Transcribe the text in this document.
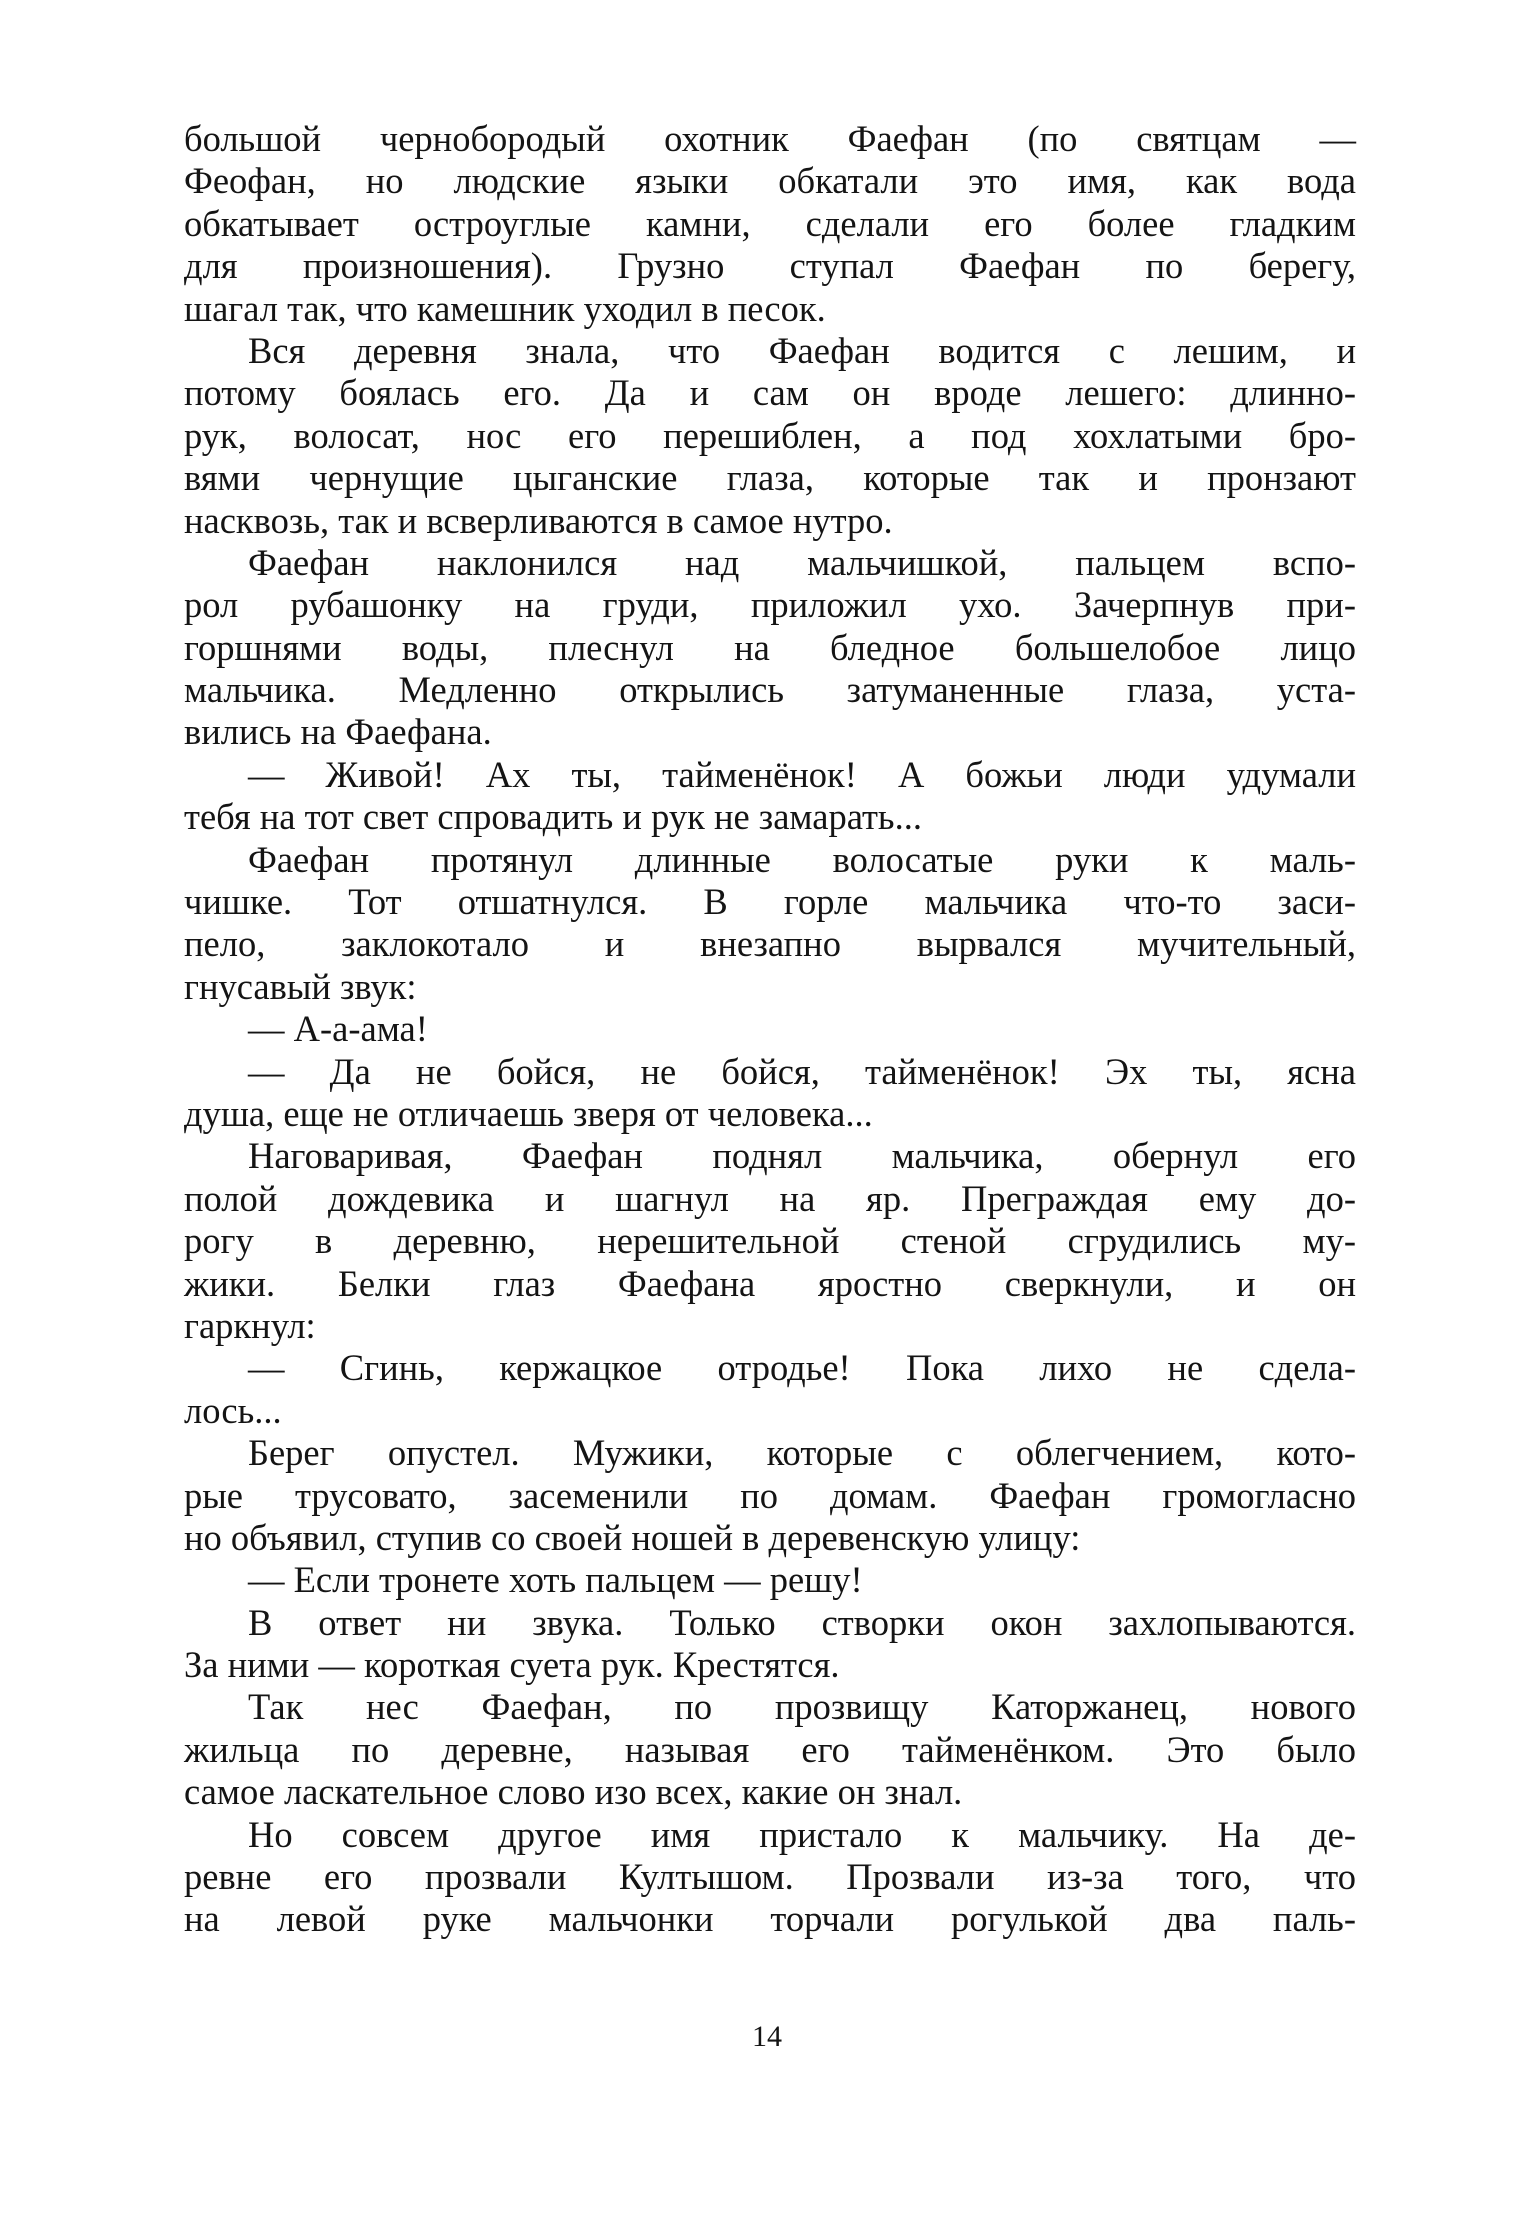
большой чернобородый охотник Фаефан (по святцам —
Феофан, но людские языки обкатали это имя, как вода
обкатывает остроуглые камни, сделали его более гладким
для произношения). Грузно ступал Фаефан по берегу,
шагал так, что камешник уходил в песок.
Вся деревня знала, что Фаефан водится с лешим, и
потому боялась его. Да и сам он вроде лешего: длинно-
рук, волосат, нос его перешиблен, а под хохлатыми бро-
вями чернущие цыганские глаза, которые так и пронзают
насквозь, так и всверливаются в самое нутро.
Фаефан наклонился над мальчишкой, пальцем вспо-
рол рубашонку на груди, приложил ухо. Зачерпнув при-
горшнями воды, плеснул на бледное большелобое лицо
мальчика. Медленно открылись затуманенные глаза, уста-
вились на Фаефана.
— Живой! Ах ты, тайменёнок! А божьи люди удумали
тебя на тот свет спровадить и рук не замарать...
Фаефан протянул длинные волосатые руки к маль-
чишке. Тот отшатнулся. В горле мальчика что-то заси-
пело, заклокотало и внезапно вырвался мучительный,
гнусавый звук:
— А-а-ама!
— Да не бойся, не бойся, тайменёнок! Эх ты, ясна
душа, еще не отличаешь зверя от человека...
Наговаривая, Фаефан поднял мальчика, обернул его
полой дождевика и шагнул на яр. Преграждая ему до-
рогу в деревню, нерешительной стеной сгрудились му-
жики. Белки глаз Фаефана яростно сверкнули, и он
гаркнул:
— Сгинь, кержацкое отродье! Пока лихо не сдела-
лось...
Берег опустел. Мужики, которые с облегчением, кото-
рые трусовато, засеменили по домам. Фаефан громогласно
но объявил, ступив со своей ношей в деревенскую улицу:
— Если тронете хоть пальцем — решу!
В ответ ни звука. Только створки окон захлопываются.
За ними — короткая суета рук. Крестятся.
Так нес Фаефан, по прозвищу Каторжанец, нового
жильца по деревне, называя его тайменёнком. Это было
самое ласкательное слово изо всех, какие он знал.
Но совсем другое имя пристало к мальчику. На де-
ревне его прозвали Култышом. Прозвали из-за того, что
на левой руке мальчонки торчали рогулькой два паль-
14
